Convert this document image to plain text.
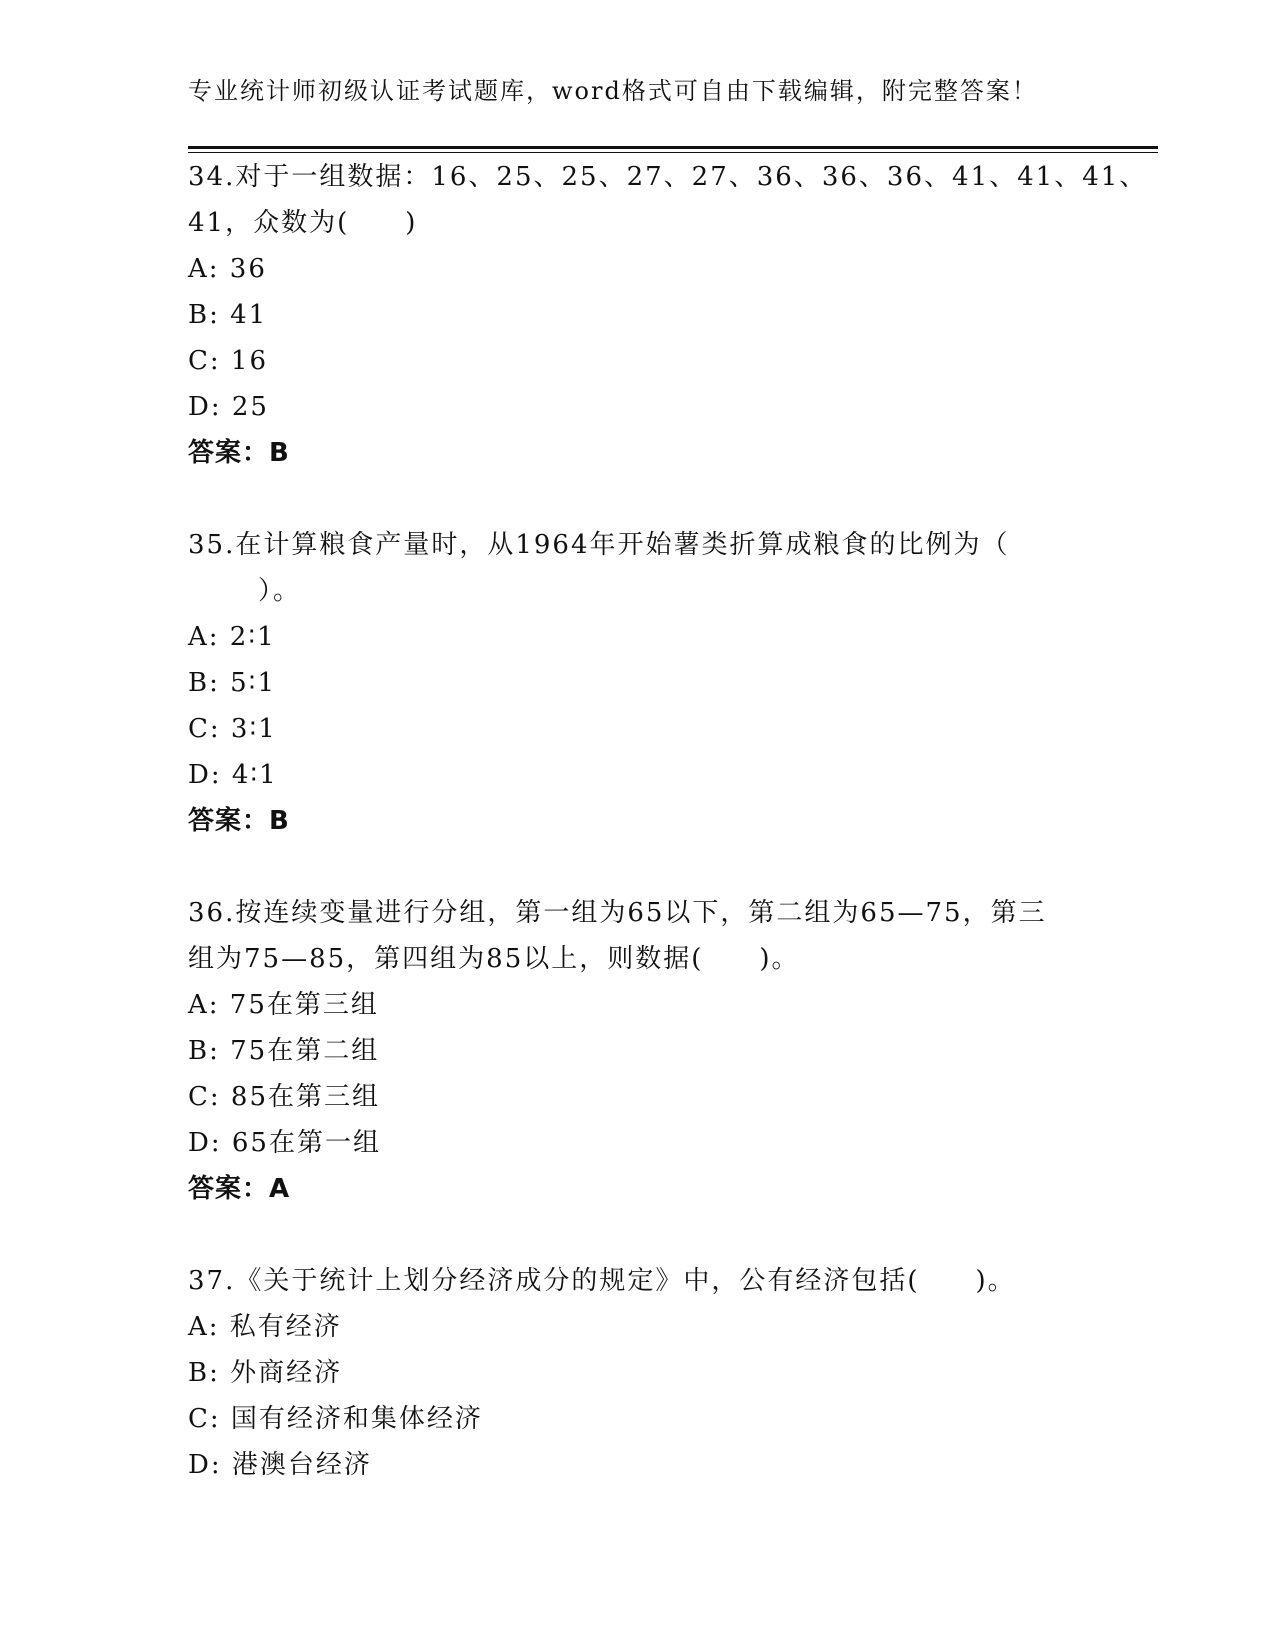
专业统计师初级认证考试题库，word格式可自由下载编辑，附完整答案！
34.对于一组数据：16、25、25、27、27、36、36、36、41、41、41、
41，众数为(　　)
A: 36
B: 41
C: 16
D: 25
答案：B
35.在计算粮食产量时，从1964年开始薯类折算成粮食的比例为（
）。
A: 2∶1
B: 5∶1
C: 3∶1
D: 4∶1
答案：B
36.按连续变量进行分组，第一组为65以下，第二组为65—75，第三
组为75—85，第四组为85以上，则数据(　　)。
A: 75在第三组
B: 75在第二组
C: 85在第三组
D: 65在第一组
答案：A
37.《关于统计上划分经济成分的规定》中，公有经济包括(　　)。
A: 私有经济
B: 外商经济
C: 国有经济和集体经济
D: 港澳台经济
